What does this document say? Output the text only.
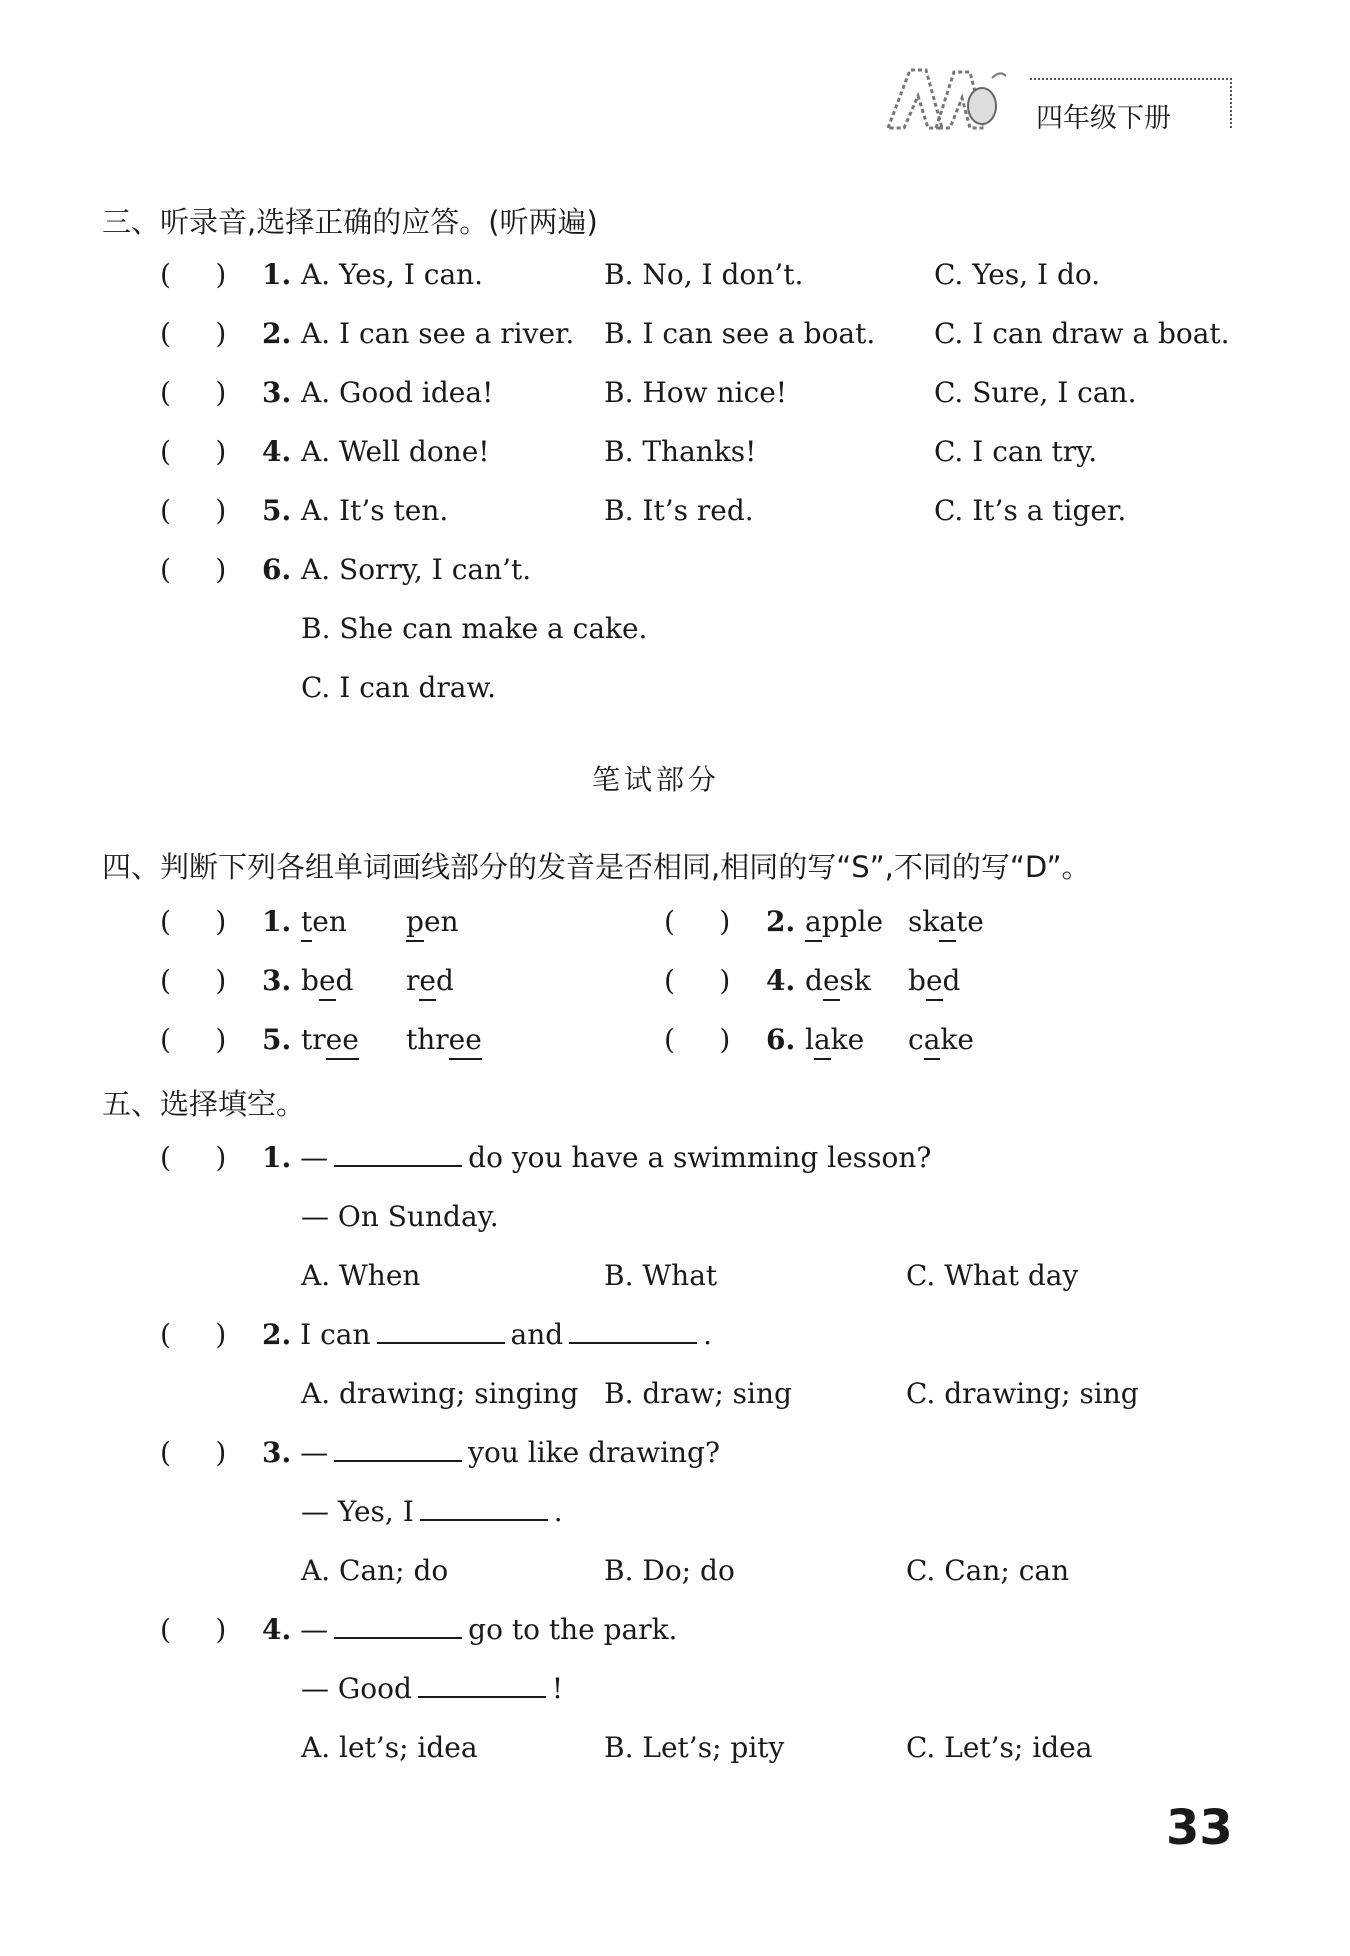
四年级下册
三、听录音,选择正确的应答。(听两遍)
(     ) 1. A. Yes, I can.	B. No, I don’t.	C. Yes, I do.
(     ) 2. A. I can see a river. B. I can see a boat. C. I can draw a boat.
(     ) 3. A. Good idea!	B. How nice!	C. Sure, I can.
(     ) 4. A. Well done!	B. Thanks!	C. I can try.
(     ) 5. A. It’s ten.	B. It’s red.	C. It’s a tiger.
(     ) 6. A. Sorry, I can’t.
B. She can make a cake.
C. I can draw.
笔试部分
四、判断下列各组单词画线部分的发音是否相同,相同的写“S”,不同的写“D”。
(     ) 1. ten pen	(     ) 2. apple skate
(     ) 3. bed red	(     ) 4. desk bed
(     ) 5. tree three	(     ) 6. lake cake
五、选择填空。
(     ) 1. —	do you have a swimming lesson?
— On Sunday.
A. When	B. What	C. What day
(     ) 2. I can	and	.
A. drawing; singing B. draw; sing	C. drawing; sing
(     ) 3. —	you like drawing?
— Yes, I	.
A. Can; do	B. Do; do	C. Can; can
(     ) 4. —	go to the park.
— Good	!
A. let’s; idea	B. Let’s; pity	C. Let’s; idea
33
